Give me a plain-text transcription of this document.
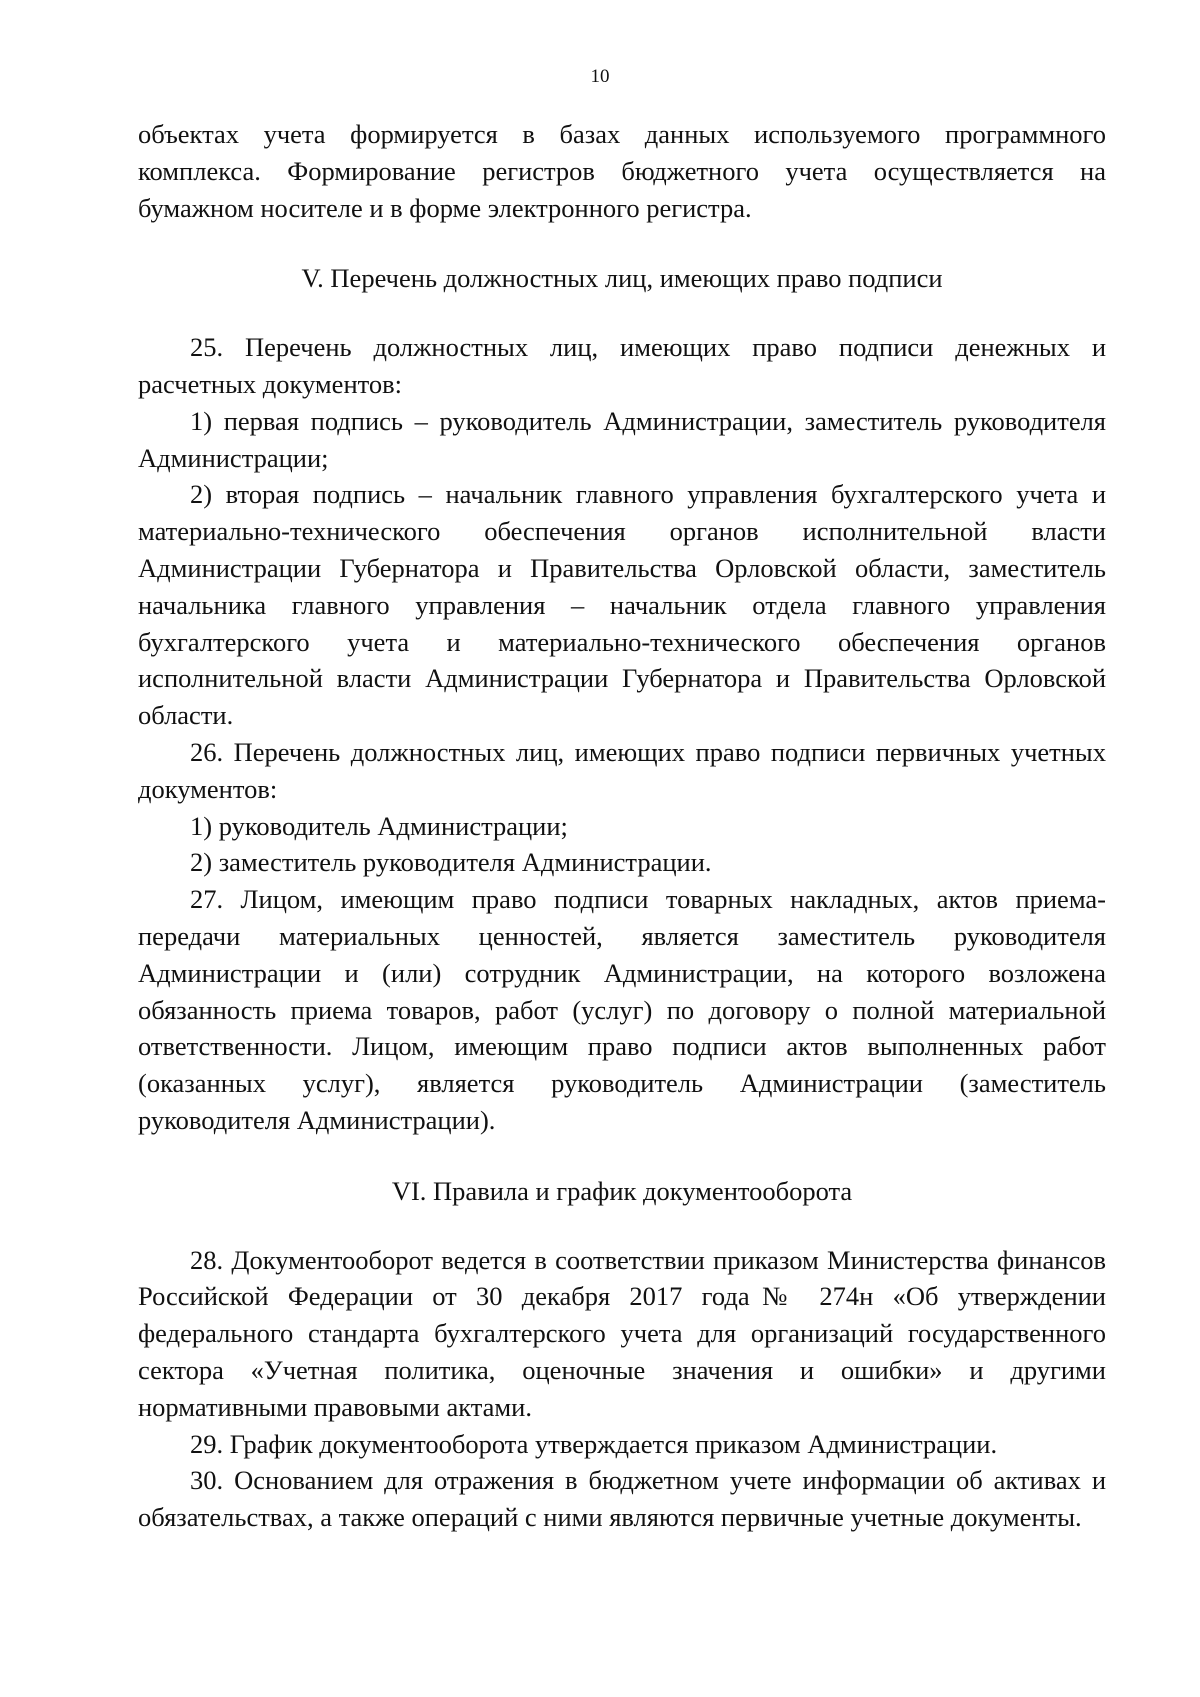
10

объектах учета формируется в базах данных используемого программного комплекса. Формирование регистров бюджетного учета осуществляется на бумажном носителе и в форме электронного регистра.

V. Перечень должностных лиц, имеющих право подписи

25. Перечень должностных лиц, имеющих право подписи денежных и расчетных документов:

1) первая подпись – руководитель Администрации, заместитель руководителя Администрации;

2) вторая подпись – начальник главного управления бухгалтерского учета и материально-технического обеспечения органов исполнительной власти Администрации Губернатора и Правительства Орловской области, заместитель начальника главного управления – начальник отдела главного управления бухгалтерского учета и материально-технического обеспечения органов исполнительной власти Администрации Губернатора и Правительства Орловской области.

26. Перечень должностных лиц, имеющих право подписи первичных учетных документов:

1) руководитель Администрации;

2) заместитель руководителя Администрации.

27. Лицом, имеющим право подписи товарных накладных, актов приема-передачи материальных ценностей, является заместитель руководителя Администрации и (или) сотрудник Администрации, на которого возложена обязанность приема товаров, работ (услуг) по договору о полной материальной ответственности. Лицом, имеющим право подписи актов выполненных работ (оказанных услуг), является руководитель Администрации (заместитель руководителя Администрации).

VI. Правила и график документооборота

28. Документооборот ведется в соответствии приказом Министерства финансов Российской Федерации от 30 декабря 2017 года№ 274н «Об утверждении федерального стандарта бухгалтерского учета для организаций государственного сектора «Учетная политика, оценочные значения и ошибки» и другими нормативными правовыми актами.

29. График документооборота утверждается приказом Администрации.

30. Основанием для отражения в бюджетном учете информации об активах и обязательствах, а также операций с ними являются первичные учетные документы.
